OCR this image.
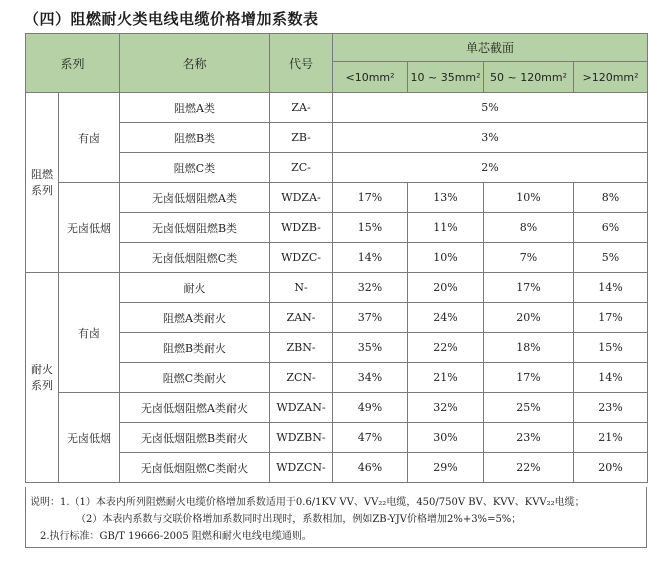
（四）阻燃耐火类电线电缆价格增加系数表
系列		名称	代号	单芯截面			
				<10mm²	10 ~ 35mm²	50 ~ 120mm²	>120mm²
阻燃系列	有卤	阻燃A类	ZA-	5%			
		阻燃B类	ZB-	3%			
		阻燃C类	ZC-	2%			
	无卤低烟	无卤低烟阻燃A类	WDZA-	17%	13%	10%	8%
		无卤低烟阻燃B类	WDZB-	15%	11%	8%	6%
		无卤低烟阻燃C类	WDZC-	14%	10%	7%	5%
耐火系列	有卤	耐火	N-	32%	20%	17%	14%
		阻燃A类耐火	ZAN-	37%	24%	20%	17%
		阻燃B类耐火	ZBN-	35%	22%	18%	15%
		阻燃C类耐火	ZCN-	34%	21%	17%	14%
	无卤低烟	无卤低烟阻燃A类耐火	WDZAN-	49%	32%	25%	23%
		无卤低烟阻燃B类耐火	WDZBN-	47%	30%	23%	21%
		无卤低烟阻燃C类耐火	WDZCN-	46%	29%	22%	20%
说明：1.（1）本表内所列阻燃耐火电缆价格增加系数适用于0.6/1KV VV、VV₂₂电缆，450/750V BV、KVV、KVV₂₂电缆；
（2）本表内系数与交联价格增加系数同时出现时，系数相加，例如ZB-YJV价格增加2%+3%=5%；
2.执行标准：GB/T 19666-2005 阻燃和耐火电线电缆通则。
